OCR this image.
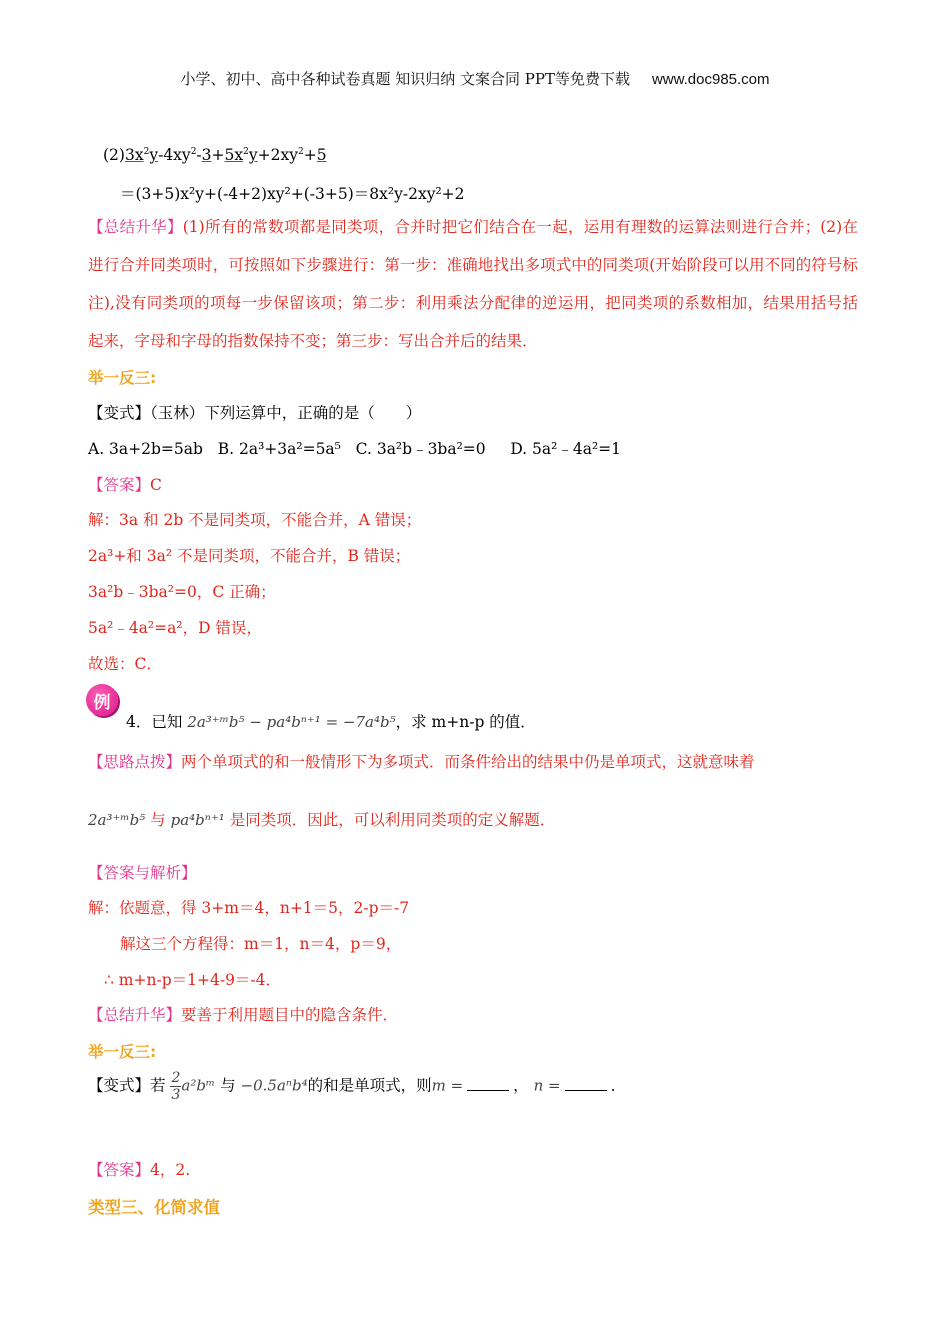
小学、初中、高中各种试卷真题 知识归纳 文案合同 PPT等免费下载 www.doc985.com
$(2)3x^2y-4xy^2-3+5x^2y+2xy^2+5$
＝(3+5)x²y+(-4+2)xy²+(-3+5)＝8x²y-2xy²+2
【总结升华】(1)所有的常数项都是同类项，合并时把它们结合在一起，运用有理数的运算法则进行合并；(2)在进行合并同类项时，可按照如下步骤进行：第一步：准确地找出多项式中的同类项(开始阶段可以用不同的符号标注),没有同类项的项每一步保留该项；第二步：利用乘法分配律的逆运用，把同类项的系数相加，结果用括号括起来，字母和字母的指数保持不变；第三步：写出合并后的结果．
举一反三:
【变式】（玉林）下列运算中，正确的是（　　）
A. 3a+2b=5ab B. 2a³+3a²=5a⁵ C. 3a²b﹣3ba²=0 D. 5a²﹣4a²=1
【答案】C
解：3a 和 2b 不是同类项，不能合并，A 错误；
2a³+和 3a² 不是同类项，不能合并，B 错误；
3a²b﹣3ba²=0，C 正确；
5a²﹣4a²=a²，D 错误，
故选：C．
例
4．已知 2a³⁺ᵐb⁵ − pa⁴bⁿ⁺¹ = −7a⁴b⁵，求 m+n-p 的值．
【思路点拨】两个单项式的和一般情形下为多项式．而条件给出的结果中仍是单项式，这就意味着
2a³⁺ᵐb⁵ 与 pa⁴bⁿ⁺¹ 是同类项．因此，可以利用同类项的定义解题．
【答案与解析】
解：依题意，得 3+m＝4，n+1＝5，2-p＝-7
解这三个方程得：m＝1，n＝4，p＝9，
∴ m+n-p＝1+4-9＝-4．
【总结升华】要善于利用题目中的隐含条件．
举一反三:
【变式】若 $\frac{2}{3}$ a²bᵐ 与 −0.5aⁿb⁴的和是单项式，则m =	， n =	．
【答案】4，2.
类型三、化简求值
